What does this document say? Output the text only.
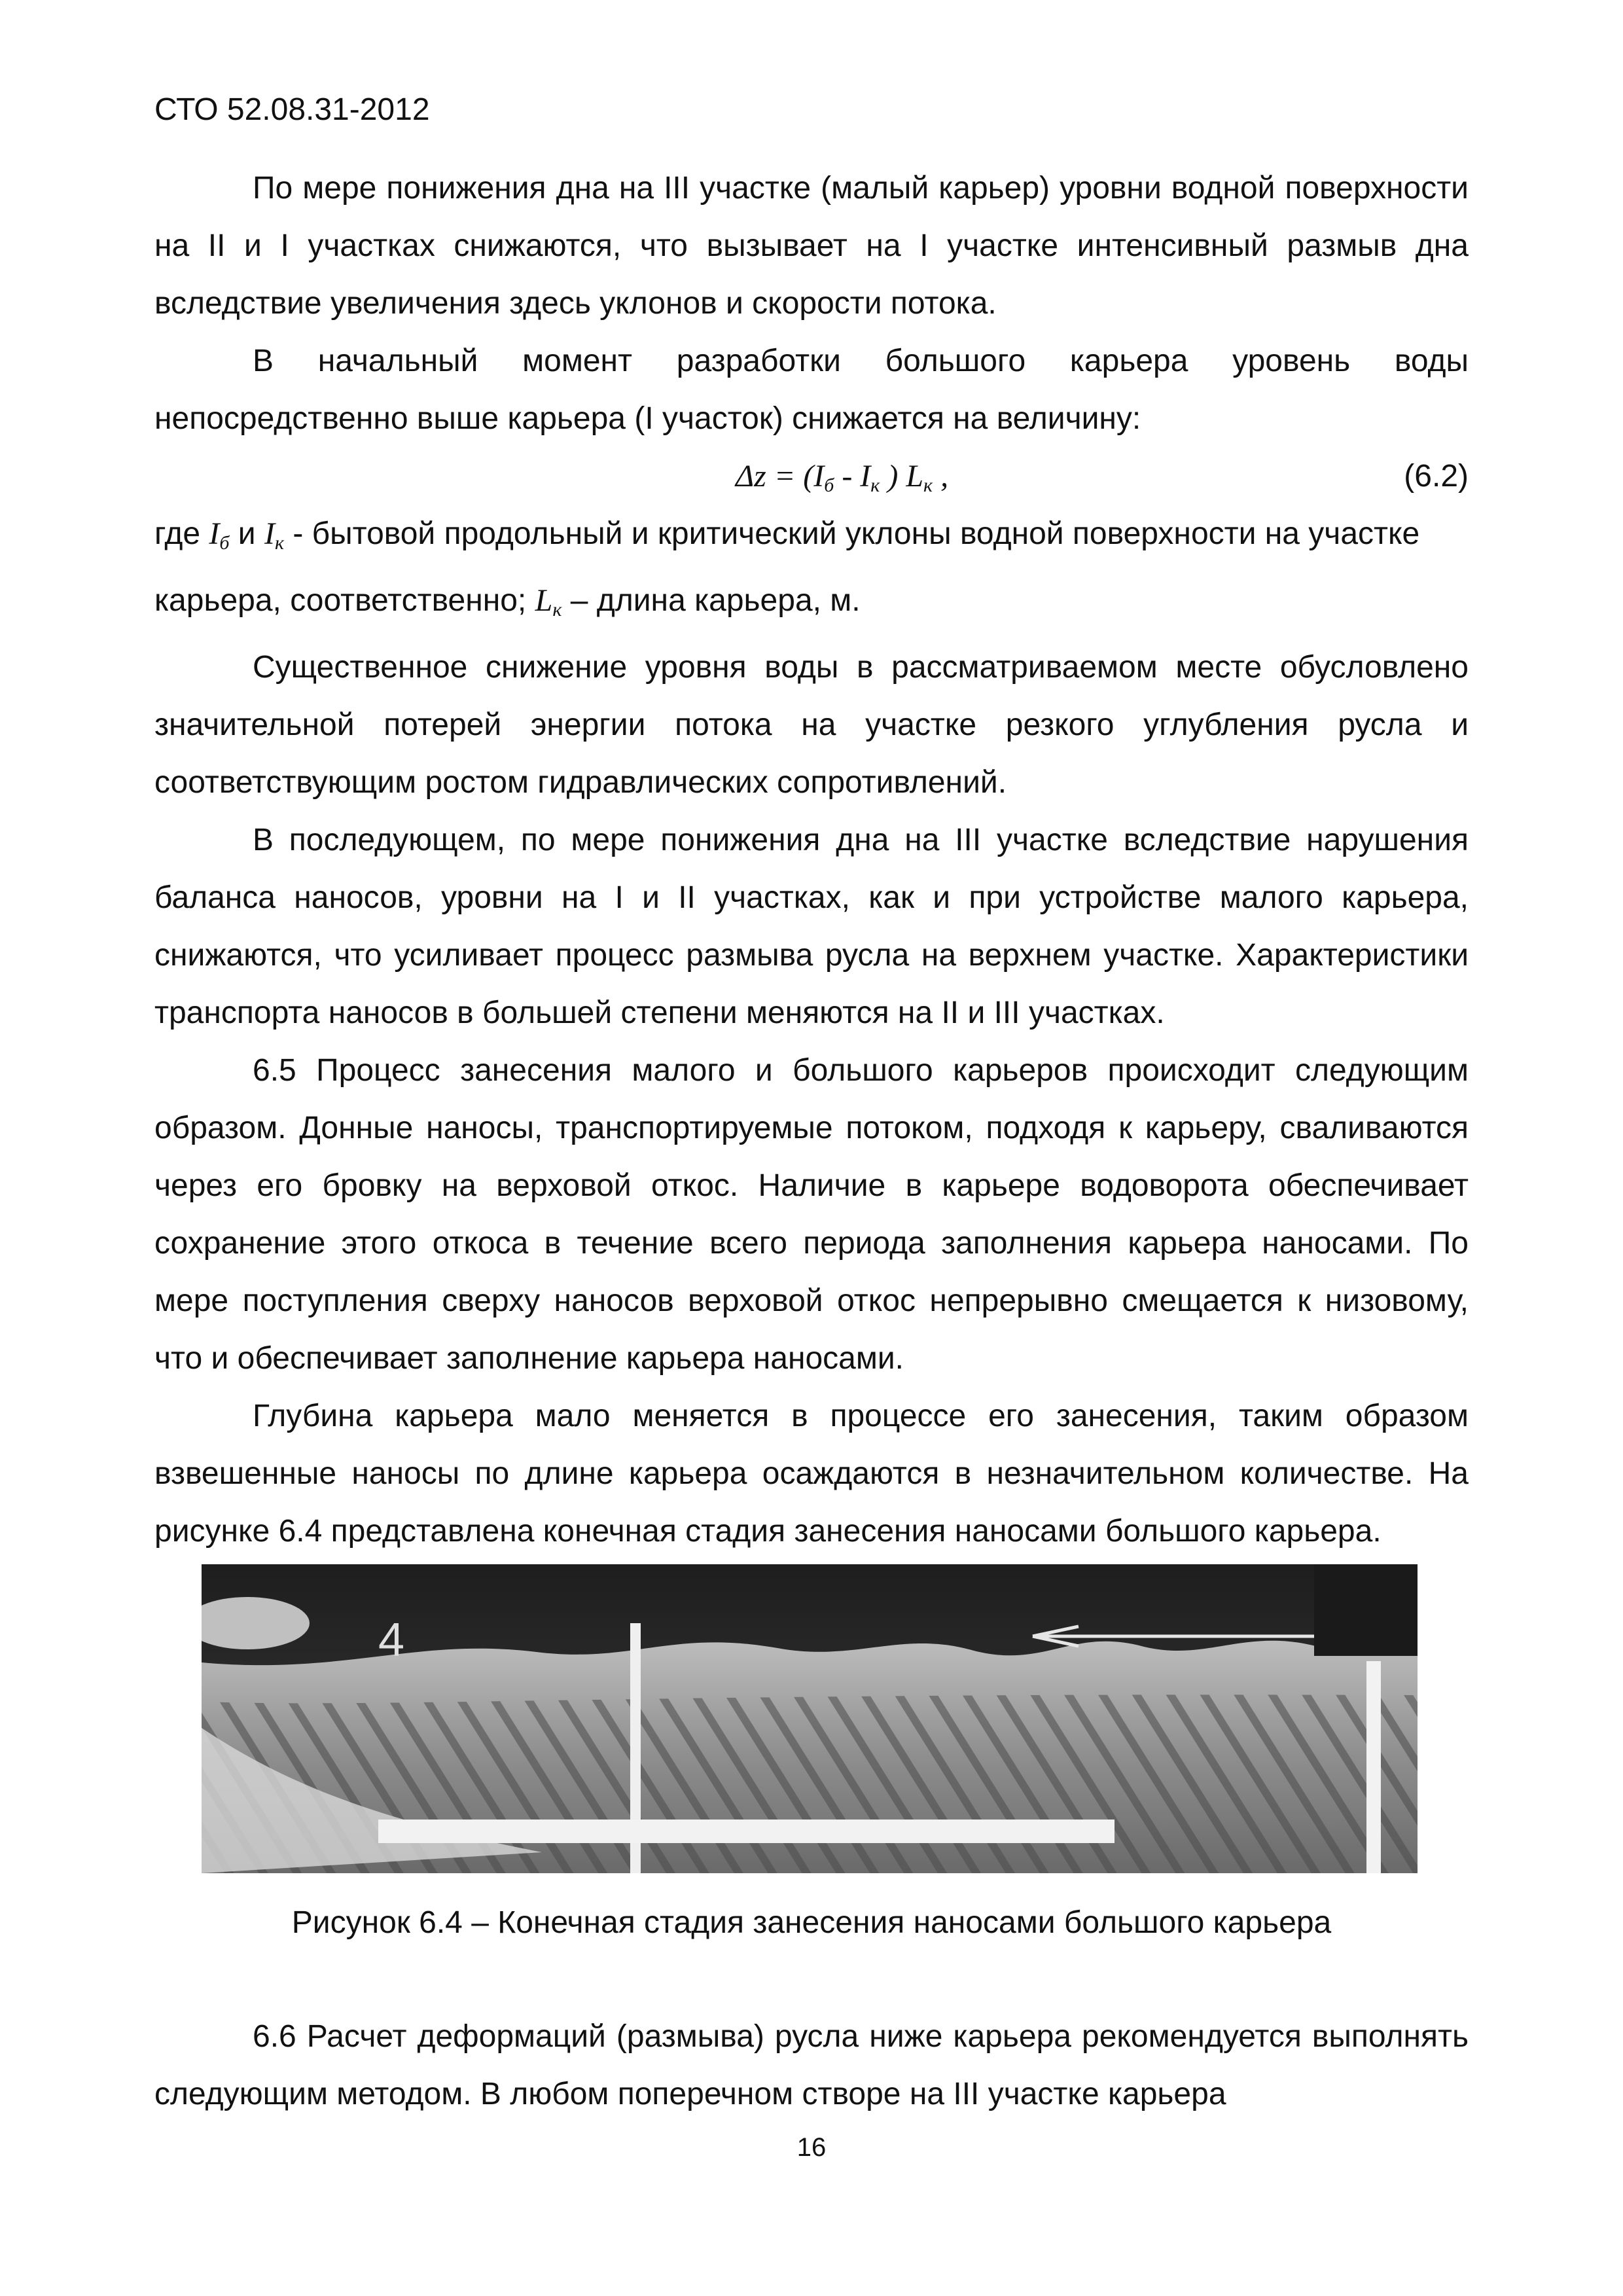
СТО 52.08.31-2012

По мере понижения дна на III участке (малый карьер) уровни водной поверхности на II и I участках снижаются, что вызывает на I участке интенсивный размыв дна вследствие увеличения здесь уклонов и скорости потока.

В начальный момент разработки большого карьера уровень воды непосредственно выше карьера (I участок) снижается на величину:

$\Delta z = (I_б - I_к$ ) $L_к$ ,	(6.2)

где $I_б$ и $I_к$ - бытовой продольный и критический уклоны водной поверхности на участке карьера, соответственно; $L_к$ – длина карьера, м.

Существенное снижение уровня воды в рассматриваемом месте обусловлено значительной потерей энергии потока на участке резкого углубления русла и соответствующим ростом гидравлических сопротивлений.

В последующем, по мере понижения дна на III участке вследствие нарушения баланса наносов, уровни на I и II участках, как и при устройстве малого карьера, снижаются, что усиливает процесс размыва русла на верхнем участке. Характеристики транспорта наносов в большей степени меняются на II и III участках.

6.5 Процесс занесения малого и большого карьеров происходит следующим образом. Донные наносы, транспортируемые потоком, подходя к карьеру, сваливаются через его бровку на верховой откос. Наличие в карьере водоворота обеспечивает сохранение этого откоса в течение всего периода заполнения карьера наносами. По мере поступления сверху наносов верховой откос непрерывно смещается к низовому, что и обеспечивает заполнение карьера наносами.

Глубина карьера мало меняется в процессе его занесения, таким образом взвешенные наносы по длине карьера осаждаются в незначительном количестве. На рисунке 6.4 представлена конечная стадия занесения наносами большого карьера.

4
Рисунок 6.4 – Конечная стадия занесения наносами большого карьера

6.6 Расчет деформаций (размыва) русла ниже карьера рекомендуется выполнять следующим методом. В любом поперечном створе на III участке карьера

16
